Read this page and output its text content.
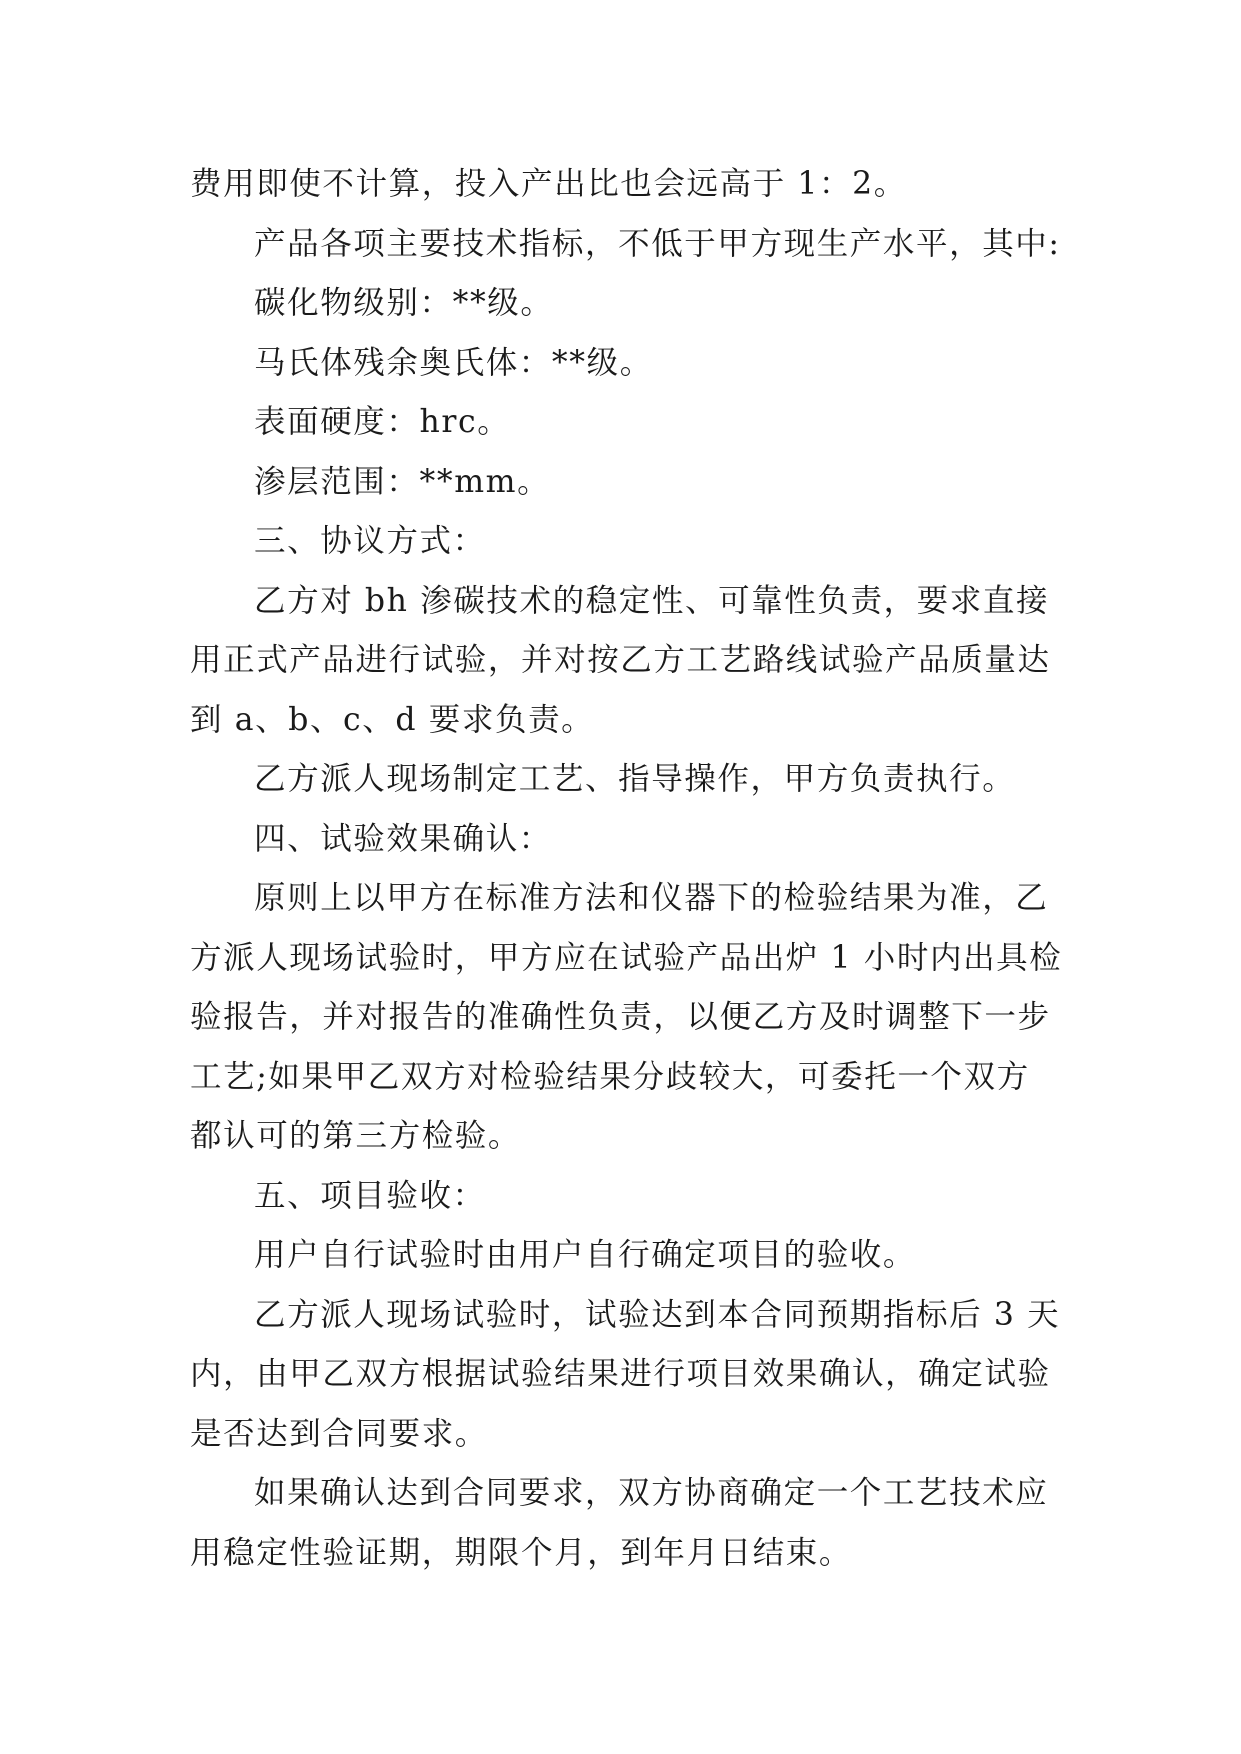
费用即使不计算，投入产出比也会远高于 1：2。

产品各项主要技术指标，不低于甲方现生产水平，其中:

碳化物级别：**级。

马氏体残余奥氏体：**级。

表面硬度：hrc。

渗层范围：**mm。

三、协议方式：

乙方对 bh 渗碳技术的稳定性、可靠性负责，要求直接
用正式产品进行试验，并对按乙方工艺路线试验产品质量达
到 a、b、c、d 要求负责。

乙方派人现场制定工艺、指导操作，甲方负责执行。

四、试验效果确认：

原则上以甲方在标准方法和仪器下的检验结果为准，乙
方派人现场试验时，甲方应在试验产品出炉 1 小时内出具检
验报告，并对报告的准确性负责，以便乙方及时调整下一步
工艺;如果甲乙双方对检验结果分歧较大，可委托一个双方
都认可的第三方检验。

五、项目验收：

用户自行试验时由用户自行确定项目的验收。

乙方派人现场试验时，试验达到本合同预期指标后 3 天
内，由甲乙双方根据试验结果进行项目效果确认，确定试验
是否达到合同要求。

如果确认达到合同要求，双方协商确定一个工艺技术应
用稳定性验证期，期限个月，到年月日结束。
